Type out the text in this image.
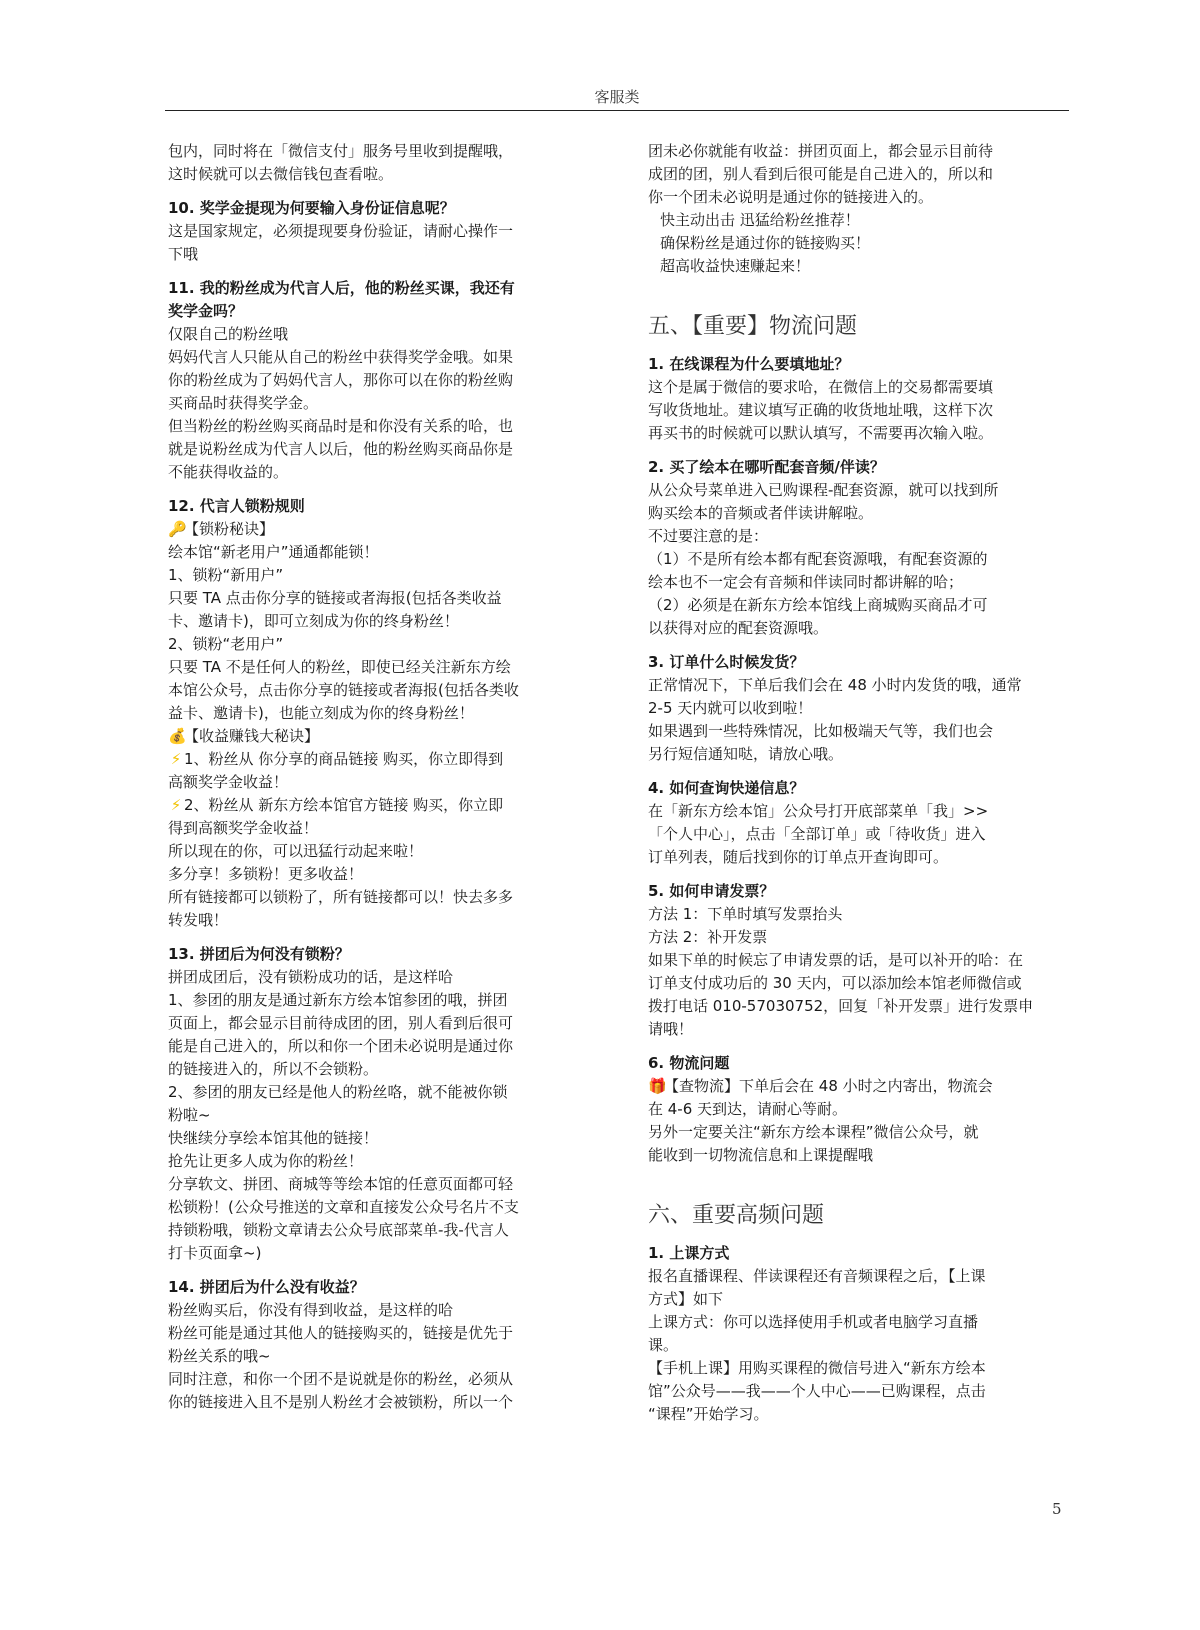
客服类

包内，同时将在「微信支付」服务号里收到提醒哦，

这时候就可以去微信钱包查看啦。

10. 奖学金提现为何要输入身份证信息呢？

这是国家规定，必须提现要身份验证，请耐心操作一

下哦

11. 我的粉丝成为代言人后，他的粉丝买课，我还有

奖学金吗？

仅限自己的粉丝哦

妈妈代言人只能从自己的粉丝中获得奖学金哦。如果

你的粉丝成为了妈妈代言人，那你可以在你的粉丝购

买商品时获得奖学金。

但当粉丝的粉丝购买商品时是和你没有关系的哈，也

就是说粉丝成为代言人以后，他的粉丝购买商品你是

不能获得收益的。

12. 代言人锁粉规则

🔑【锁粉秘诀】

绘本馆“新老用户”通通都能锁！

1、锁粉“新用户”

只要 TA 点击你分享的链接或者海报(包括各类收益

卡、邀请卡)，即可立刻成为你的终身粉丝！

2、锁粉“老用户”

只要 TA 不是任何人的粉丝，即使已经关注新东方绘

本馆公众号，点击你分享的链接或者海报(包括各类收

益卡、邀请卡)，也能立刻成为你的终身粉丝！

💰【收益赚钱大秘诀】

⚡ 1、粉丝从 你分享的商品链接 购买，你立即得到

高额奖学金收益！

⚡ 2、粉丝从 新东方绘本馆官方链接 购买，你立即

得到高额奖学金收益！

所以现在的你，可以迅猛行动起来啦！

多分享！多锁粉！更多收益！

所有链接都可以锁粉了，所有链接都可以！快去多多

转发哦！

13. 拼团后为何没有锁粉？

拼团成团后，没有锁粉成功的话，是这样哈

1、参团的朋友是通过新东方绘本馆参团的哦，拼团

页面上，都会显示目前待成团的团，别人看到后很可

能是自己进入的，所以和你一个团未必说明是通过你

的链接进入的，所以不会锁粉。

2、参团的朋友已经是他人的粉丝咯，就不能被你锁

粉啦~

快继续分享绘本馆其他的链接！

抢先让更多人成为你的粉丝！

分享软文、拼团、商城等等绘本馆的任意页面都可轻

松锁粉！(公众号推送的文章和直接发公众号名片不支

持锁粉哦，锁粉文章请去公众号底部菜单-我-代言人

打卡页面拿~)

14. 拼团后为什么没有收益？

粉丝购买后，你没有得到收益，是这样的哈

粉丝可能是通过其他人的链接购买的，链接是优先于

粉丝关系的哦~

同时注意，和你一个团不是说就是你的粉丝，必须从

你的链接进入且不是别人粉丝才会被锁粉，所以一个

团未必你就能有收益：拼团页面上，都会显示目前待

成团的团，别人看到后很可能是自己进入的，所以和

你一个团未必说明是通过你的链接进入的。

快主动出击 迅猛给粉丝推荐！

确保粉丝是通过你的链接购买！

超高收益快速赚起来！

五、【重要】物流问题

1. 在线课程为什么要填地址？

这个是属于微信的要求哈，在微信上的交易都需要填

写收货地址。建议填写正确的收货地址哦，这样下次

再买书的时候就可以默认填写，不需要再次输入啦。

2. 买了绘本在哪听配套音频/伴读？

从公众号菜单进入已购课程-配套资源，就可以找到所

购买绘本的音频或者伴读讲解啦。

不过要注意的是：

（1）不是所有绘本都有配套资源哦，有配套资源的

绘本也不一定会有音频和伴读同时都讲解的哈；

（2）必须是在新东方绘本馆线上商城购买商品才可

以获得对应的配套资源哦。

3. 订单什么时候发货？

正常情况下，下单后我们会在 48 小时内发货的哦，通常

2-5 天内就可以收到啦！

如果遇到一些特殊情况，比如极端天气等，我们也会

另行短信通知哒，请放心哦。

4. 如何查询快递信息？

在「新东方绘本馆」公众号打开底部菜单「我」>>

「个人中心」，点击「全部订单」或「待收货」进入

订单列表，随后找到你的订单点开查询即可。

5. 如何申请发票？

方法 1：下单时填写发票抬头

方法 2：补开发票

如果下单的时候忘了申请发票的话，是可以补开的哈：在

订单支付成功后的 30 天内，可以添加绘本馆老师微信或

拨打电话 010-57030752，回复「补开发票」进行发票申

请哦！

6. 物流问题

🎁【查物流】下单后会在 48 小时之内寄出，物流会

在 4-6 天到达，请耐心等耐。

另外一定要关注“新东方绘本课程”微信公众号，就

能收到一切物流信息和上课提醒哦

六、重要高频问题

1. 上课方式

报名直播课程、伴读课程还有音频课程之后，【上课

方式】如下

上课方式：你可以选择使用手机或者电脑学习直播

课。

【手机上课】用购买课程的微信号进入“新东方绘本

馆”公众号——我——个人中心——已购课程，点击

“课程”开始学习。

5
